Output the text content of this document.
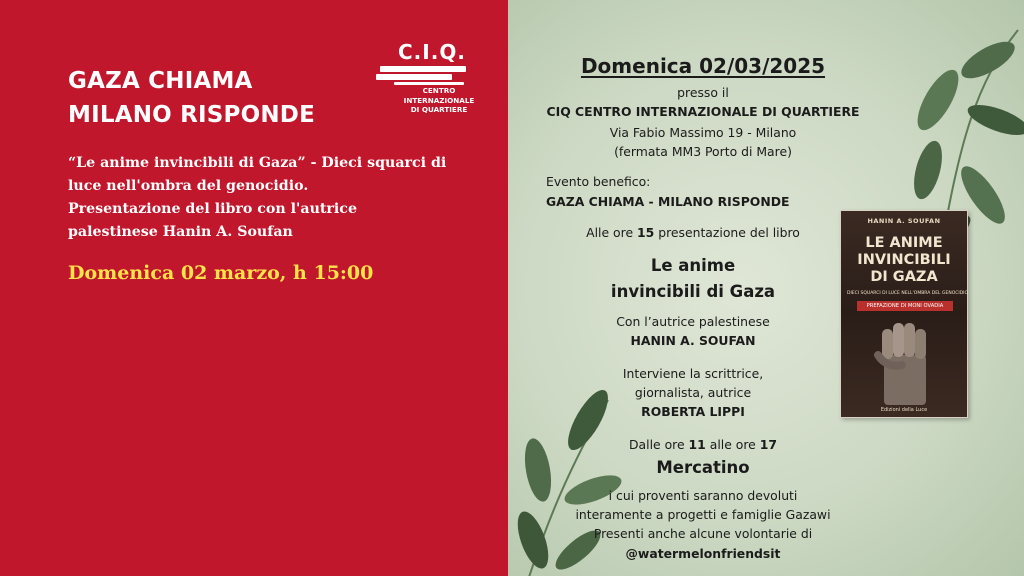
GAZA CHIAMA
MILANO RISPONDE
“Le anime invincibili di Gaza” - Dieci squarci di
luce nell'ombra del genocidio.
Presentazione del libro con l'autrice
palestinese Hanin A. Soufan
Domenica 02 marzo, h 15:00
C.I.Q.
CENTRO
INTERNAZIONALE
DI QUARTIERE
Domenica 02/03/2025
presso il
CIQ CENTRO INTERNAZIONALE DI QUARTIERE
Via Fabio Massimo 19 - Milano
(fermata MM3 Porto di Mare)
Evento benefico:
GAZA CHIAMA - MILANO RISPONDE
Alle ore 15 presentazione del libro
Le anime
invincibili di Gaza
Con l’autrice palestinese
HANIN A. SOUFAN
Interviene la scrittrice,
giornalista, autrice
ROBERTA LIPPI
Dalle ore 11 alle ore 17
Mercatino
i cui proventi saranno devoluti
interamente a progetti e famiglie Gazawi
Presenti anche alcune volontarie di
@watermelonfriendsit
HANIN A. SOUFAN
LE ANIME
INVINCIBILI
DI GAZA
DIECI SQUARCI DI LUCE NELL'OMBRA DEL GENOCIDIO
PREFAZIONE DI MONI OVADIA
Edizioni della Luce
